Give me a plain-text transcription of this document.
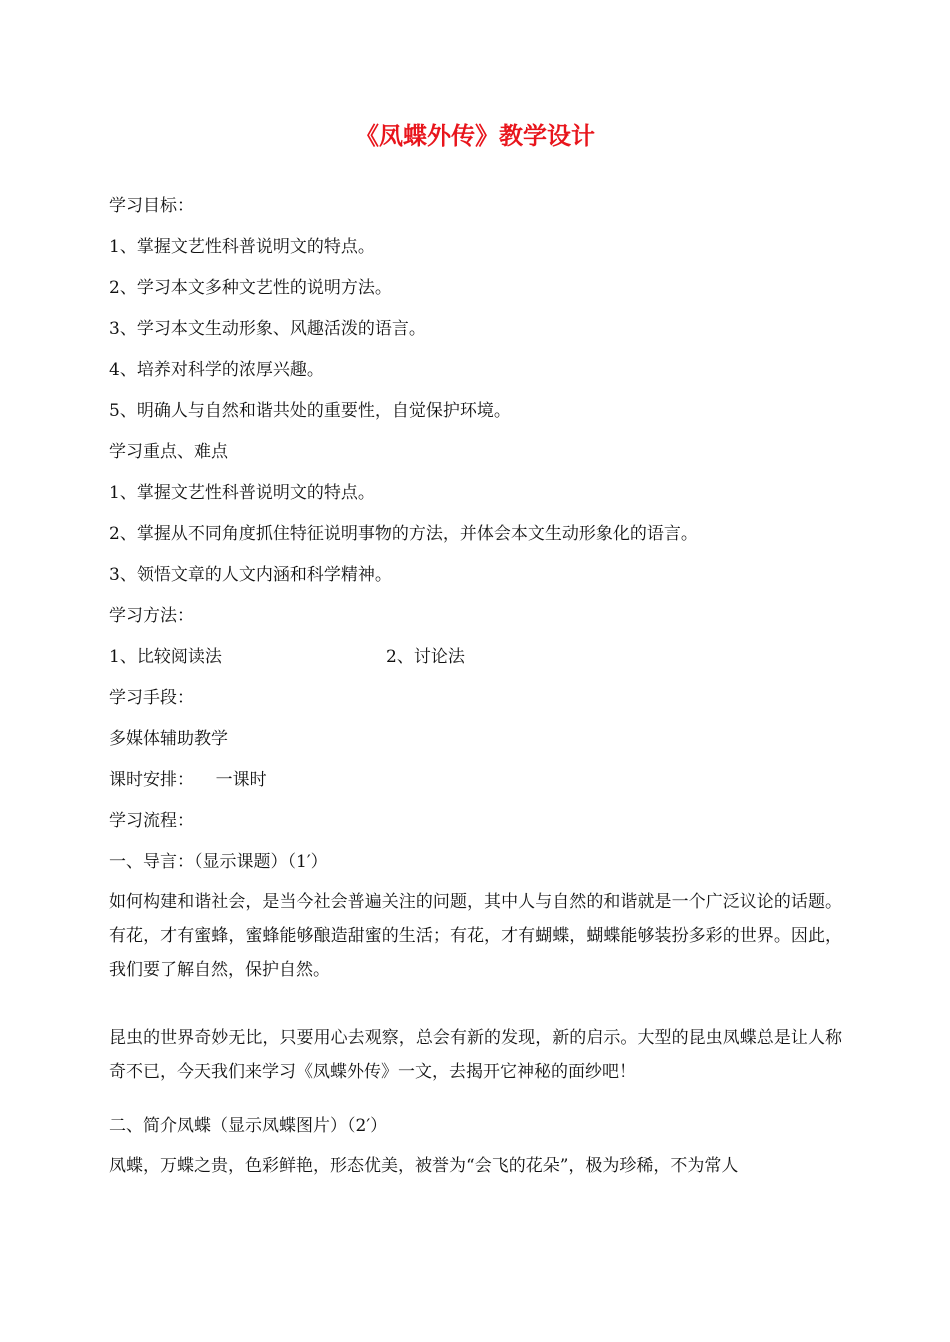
《凤蝶外传》教学设计
学习目标：
1、掌握文艺性科普说明文的特点。
2、学习本文多种文艺性的说明方法。
3、学习本文生动形象、风趣活泼的语言。
4、培养对科学的浓厚兴趣。
5、明确人与自然和谐共处的重要性，自觉保护环境。
学习重点、难点
1、掌握文艺性科普说明文的特点。
2、掌握从不同角度抓住特征说明事物的方法，并体会本文生动形象化的语言。
3、领悟文章的人文内涵和科学精神。
学习方法：
1、比较阅读法	2、讨论法
学习手段：
多媒体辅助教学
课时安排：    一课时
学习流程：
一、导言：（显示课题）（1′）
如何构建和谐社会，是当今社会普遍关注的问题，其中人与自然的和谐就是一个广泛议论的话题。有花，才有蜜蜂，蜜蜂能够酿造甜蜜的生活；有花，才有蝴蝶，蝴蝶能够装扮多彩的世界。因此，我们要了解自然，保护自然。
昆虫的世界奇妙无比，只要用心去观察，总会有新的发现，新的启示。大型的昆虫凤蝶总是让人称奇不已，今天我们来学习《凤蝶外传》一文，去揭开它神秘的面纱吧！
二、简介凤蝶（显示凤蝶图片）（2′）
凤蝶，万蝶之贵，色彩鲜艳，形态优美，被誉为“会飞的花朵”，极为珍稀，不为常人
